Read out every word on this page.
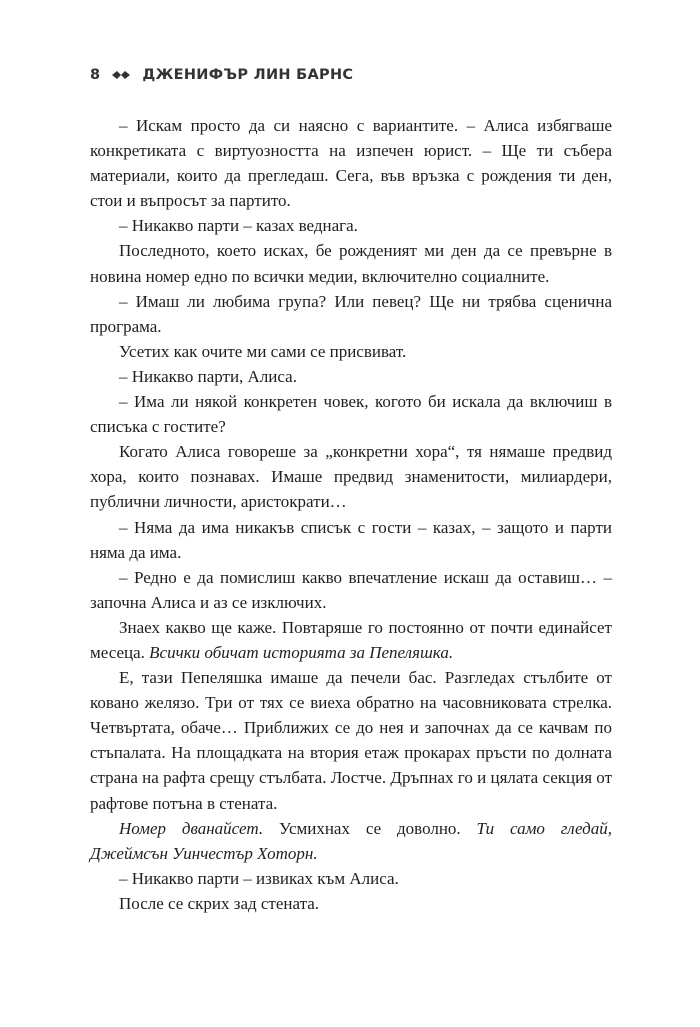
8	ДЖЕНИФЪР ЛИН БАРНС

– Искам просто да си наясно с вариантите. – Алиса избягваше конкретиката с виртуозността на изпечен юрист. – Ще ти събера материали, които да прегледаш. Сега, във връзка с рождения ти ден, стои и въпросът за партито.

– Никакво парти – казах веднага.

Последното, което исках, бе рожденият ми ден да се превърне в новина номер едно по всички медии, включително социалните.

– Имаш ли любима група? Или певец? Ще ни трябва сценична програма.

Усетих как очите ми сами се присвиват.

– Никакво парти, Алиса.

– Има ли някой конкретен човек, когото би искала да включиш в списъка с гостите?

Когато Алиса говореше за „конкретни хора“, тя нямаше предвид хора, които познавах. Имаше предвид знаменитости, милиардери, публични личности, аристократи…

– Няма да има никакъв списък с гости – казах, – защото и парти няма да има.

– Редно е да помислиш какво впечатление искаш да оставиш… – започна Алиса и аз се изключих.

Знаех какво ще каже. Повтаряше го постоянно от почти единайсет месеца. Всички обичат историята за Пепеляшка.

Е, тази Пепеляшка имаше да печели бас. Разгледах стълбите от ковано желязо. Три от тях се виеха обратно на часовниковата стрелка. Четвъртата, обаче… Приближих се до нея и започнах да се качвам по стъпалата. На площадката на втория етаж прокарах пръсти по долната страна на рафта срещу стълбата. Лостче. Дръпнах го и цялата секция от рафтове потъна в стената.

Номер дванайсет. Усмихнах се доволно. Ти само гледай, Джеймсън Уинчестър Хоторн.

– Никакво парти – извиках към Алиса.

После се скрих зад стената.
